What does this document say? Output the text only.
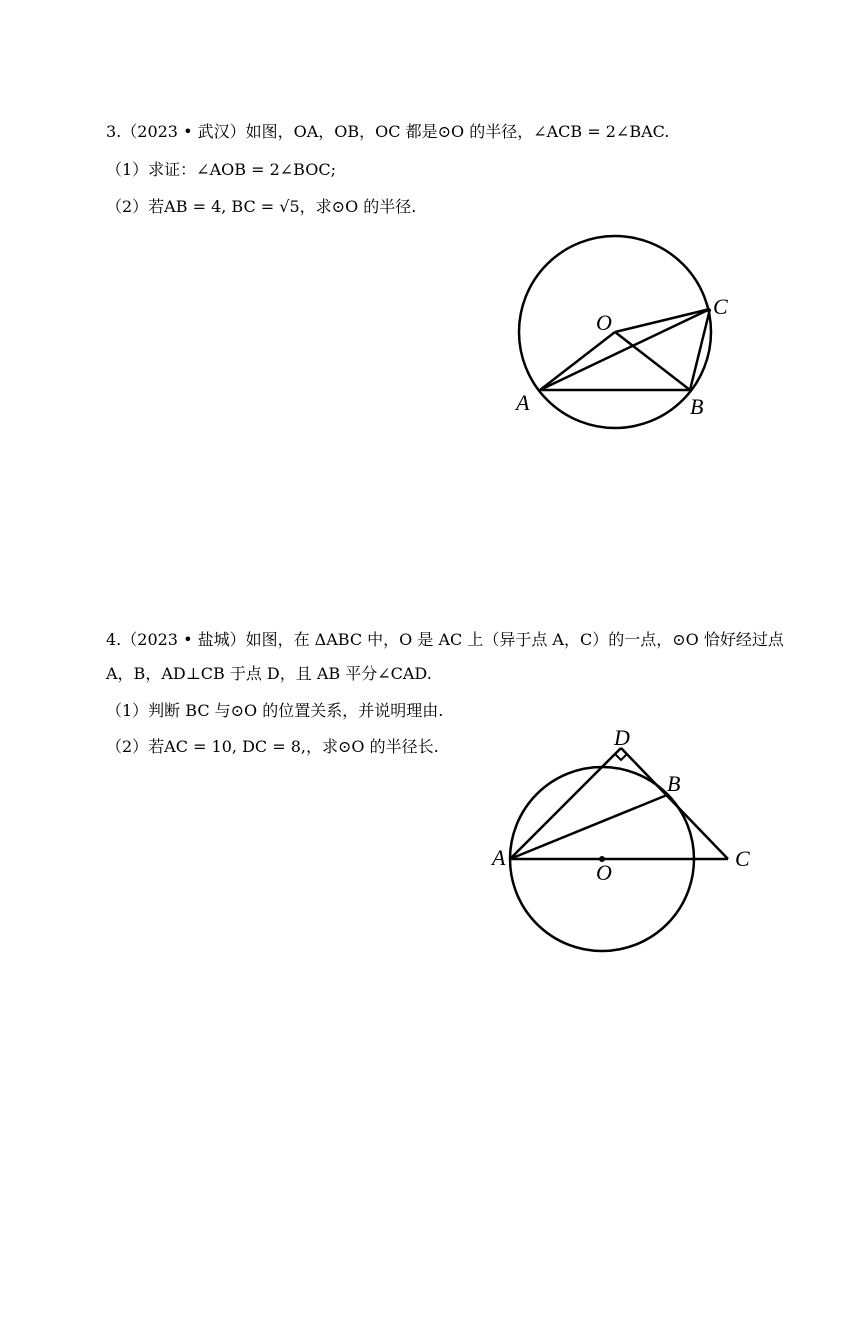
3.（2023 • 武汉）如图，OA，OB，OC 都是⊙O 的半径，∠ACB = 2∠BAC.
（1）求证：∠AOB = 2∠BOC;
（2）若AB = 4, BC = √5，求⊙O 的半径.
O
C
A	B
4.（2023 • 盐城）如图，在 ΔABC 中，O 是 AC 上（异于点 A，C）的一点，⊙O 恰好经过点
A，B，AD⊥CB 于点 D，且 AB 平分∠CAD.
（1）判断 BC 与⊙O 的位置关系，并说明理由.
（2）若AC = 10, DC = 8,，求⊙O 的半径长.	D
B
A
O
C
